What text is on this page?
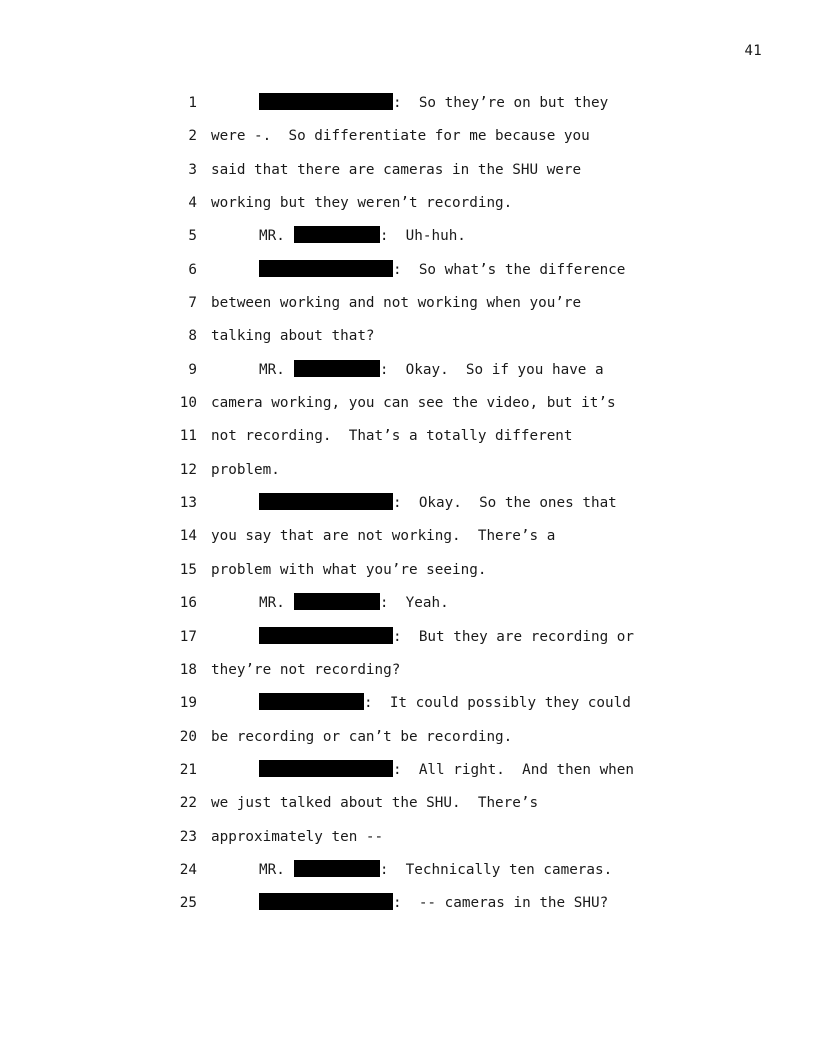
41
1	:  So they’re on but they
2 were -.  So differentiate for me because you
3 said that there are cameras in the SHU were
4 working but they weren’t recording.
5	MR.	:  Uh-huh.
6	:  So what’s the difference
7 between working and not working when you’re
8 talking about that?
9	MR.	:  Okay.  So if you have a
10 camera working, you can see the video, but it’s
11 not recording.  That’s a totally different
12 problem.
13	:  Okay.  So the ones that
14 you say that are not working.  There’s a
15 problem with what you’re seeing.
16	MR.	:  Yeah.
17	:  But they are recording or
18 they’re not recording?
19	:  It could possibly they could
20 be recording or can’t be recording.
21	:  All right.  And then when
22 we just talked about the SHU.  There’s
23 approximately ten --
24	MR.	:  Technically ten cameras.
25	:  -- cameras in the SHU?
